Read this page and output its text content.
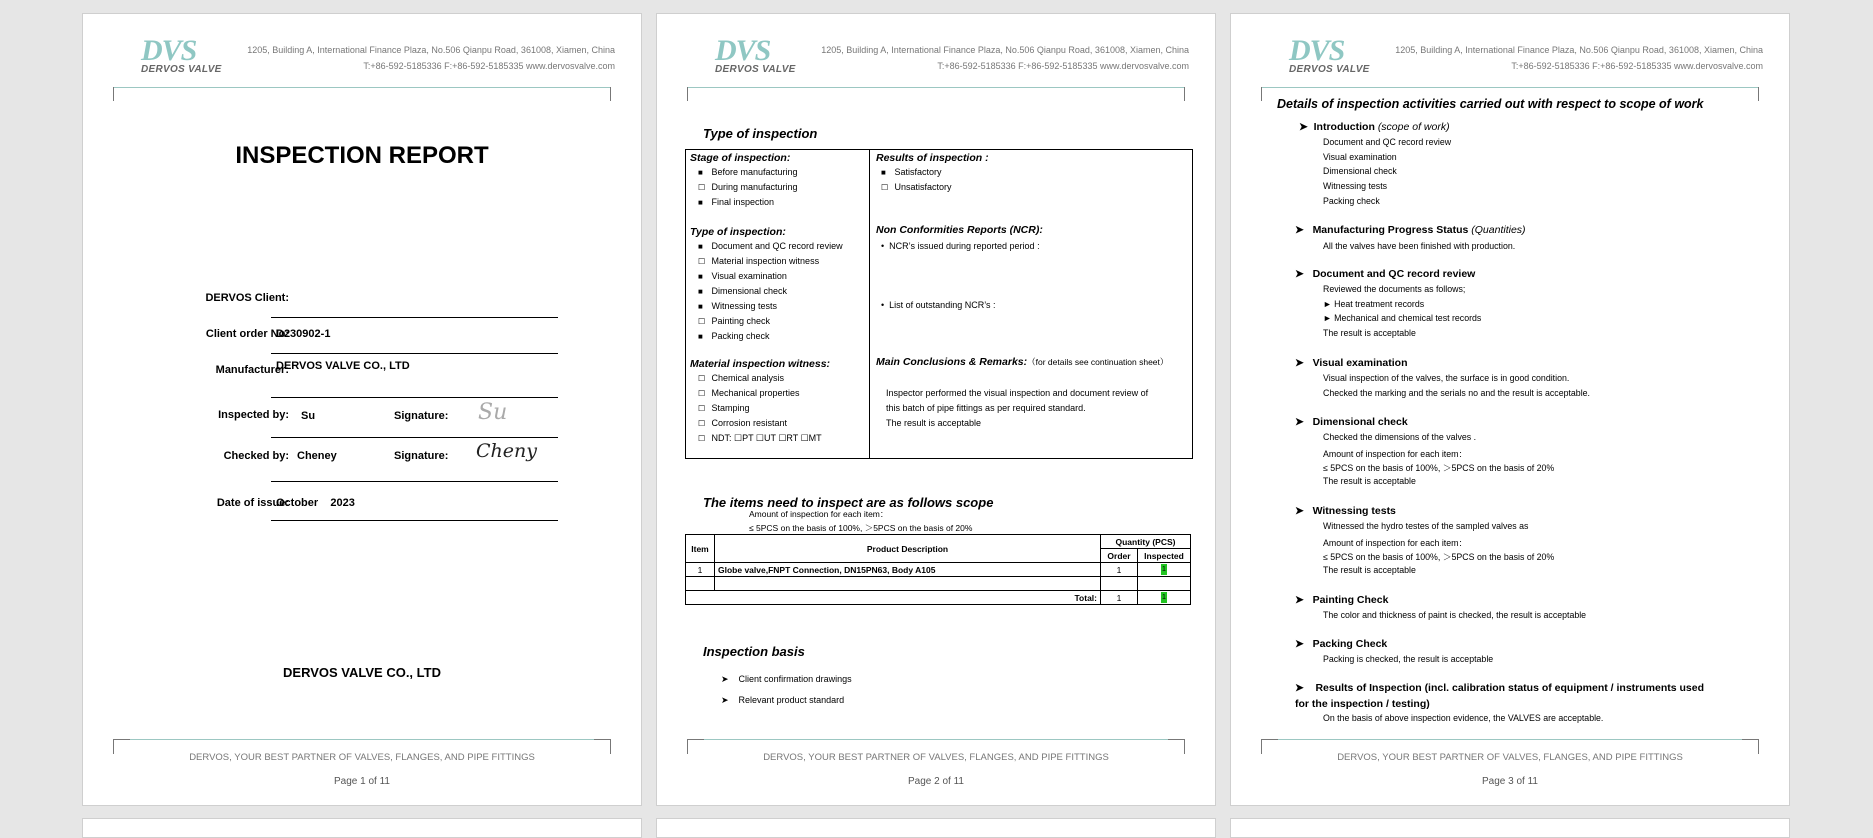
DVS
DERVOS VALVE
1205, Building A, International Finance Plaza, No.506 Qianpu Road, 361008, Xiamen, China
T:+86-592-5185336 F:+86-592-5185335 www.dervosvalve.com
INSPECTION REPORT
DERVOS Client:
Client order No:
D230902-1
Manufacturer:
DERVOS VALVE CO., LTD
Inspected by: Su	Signature: Su
Checked by: Cheney	Signature: Cheny
Date of issue:
October    2023
DERVOS VALVE CO., LTD
DERVOS, YOUR BEST PARTNER OF VALVES, FLANGES, AND PIPE FITTINGS
Page 1 of 11
DVS
DERVOS VALVE
1205, Building A, International Finance Plaza, No.506 Qianpu Road, 361008, Xiamen, China
T:+86-592-5185336 F:+86-592-5185335 www.dervosvalve.com
Type of inspection
Stage of inspection:
■ Before manufacturing
☐ During manufacturing
■ Final inspection
Type of inspection:
■ Document and QC record review
☐ Material inspection witness
■ Visual examination
■ Dimensional check
■ Witnessing tests
☐ Painting check
■ Packing check
Material inspection witness:
☐ Chemical analysis
☐ Mechanical properties
☐ Stamping
☐ Corrosion resistant
☐ NDT: ☐PT ☐UT ☐RT ☐MT
Results of inspection :
■ Satisfactory
☐ Unsatisfactory
Non Conformities Reports (NCR):
•  NCR’s issued during reported period :
•  List of outstanding NCR’s :
Main Conclusions & Remarks:（for details see continuation sheet）
Inspector performed the visual inspection and document review of
this batch of pipe fittings as per required standard.
The result is acceptable
The items need to inspect are as follows scope
Amount of inspection for each item：
≤ 5PCS on the basis of 100%, ＞5PCS on the basis of 20%
Item	Product Description	Quantity (PCS)	
		Order	Inspected
1	Globe valve,FNPT Connection, DN15PN63, Body A105	1	1

Total:		1	1
Inspection basis
➤    Client confirmation drawings
➤    Relevant product standard
DERVOS, YOUR BEST PARTNER OF VALVES, FLANGES, AND PIPE FITTINGS
Page 2 of 11
DVS
DERVOS VALVE
1205, Building A, International Finance Plaza, No.506 Qianpu Road, 361008, Xiamen, China
T:+86-592-5185336 F:+86-592-5185335 www.dervosvalve.com
Details of inspection activities carried out with respect to scope of work
➤  Introduction (scope of work)
Document and QC record review
Visual examination
Dimensional check
Witnessing tests
Packing check
➤   Manufacturing Progress Status (Quantities)
All the valves have been finished with production.
➤   Document and QC record review
Reviewed the documents as follows;
► Heat treatment records
► Mechanical and chemical test records
The result is acceptable
➤   Visual examination
Visual inspection of the valves, the surface is in good condition.
Checked the marking and the serials no and the result is acceptable.
➤   Dimensional check
Checked the dimensions of the valves .
Amount of inspection for each item：
≤ 5PCS on the basis of 100%, ＞5PCS on the basis of 20%
The result is acceptable
➤   Witnessing tests
Witnessed the hydro testes of the sampled valves as
Amount of inspection for each item：
≤ 5PCS on the basis of 100%, ＞5PCS on the basis of 20%
The result is acceptable
➤   Painting Check
The color and thickness of paint is checked, the result is acceptable
➤   Packing Check
Packing is checked, the result is acceptable
➤    Results of Inspection (incl. calibration status of equipment / instruments used
for the inspection / testing)
On the basis of above inspection evidence, the VALVES are acceptable.
DERVOS, YOUR BEST PARTNER OF VALVES, FLANGES, AND PIPE FITTINGS
Page 3 of 11
